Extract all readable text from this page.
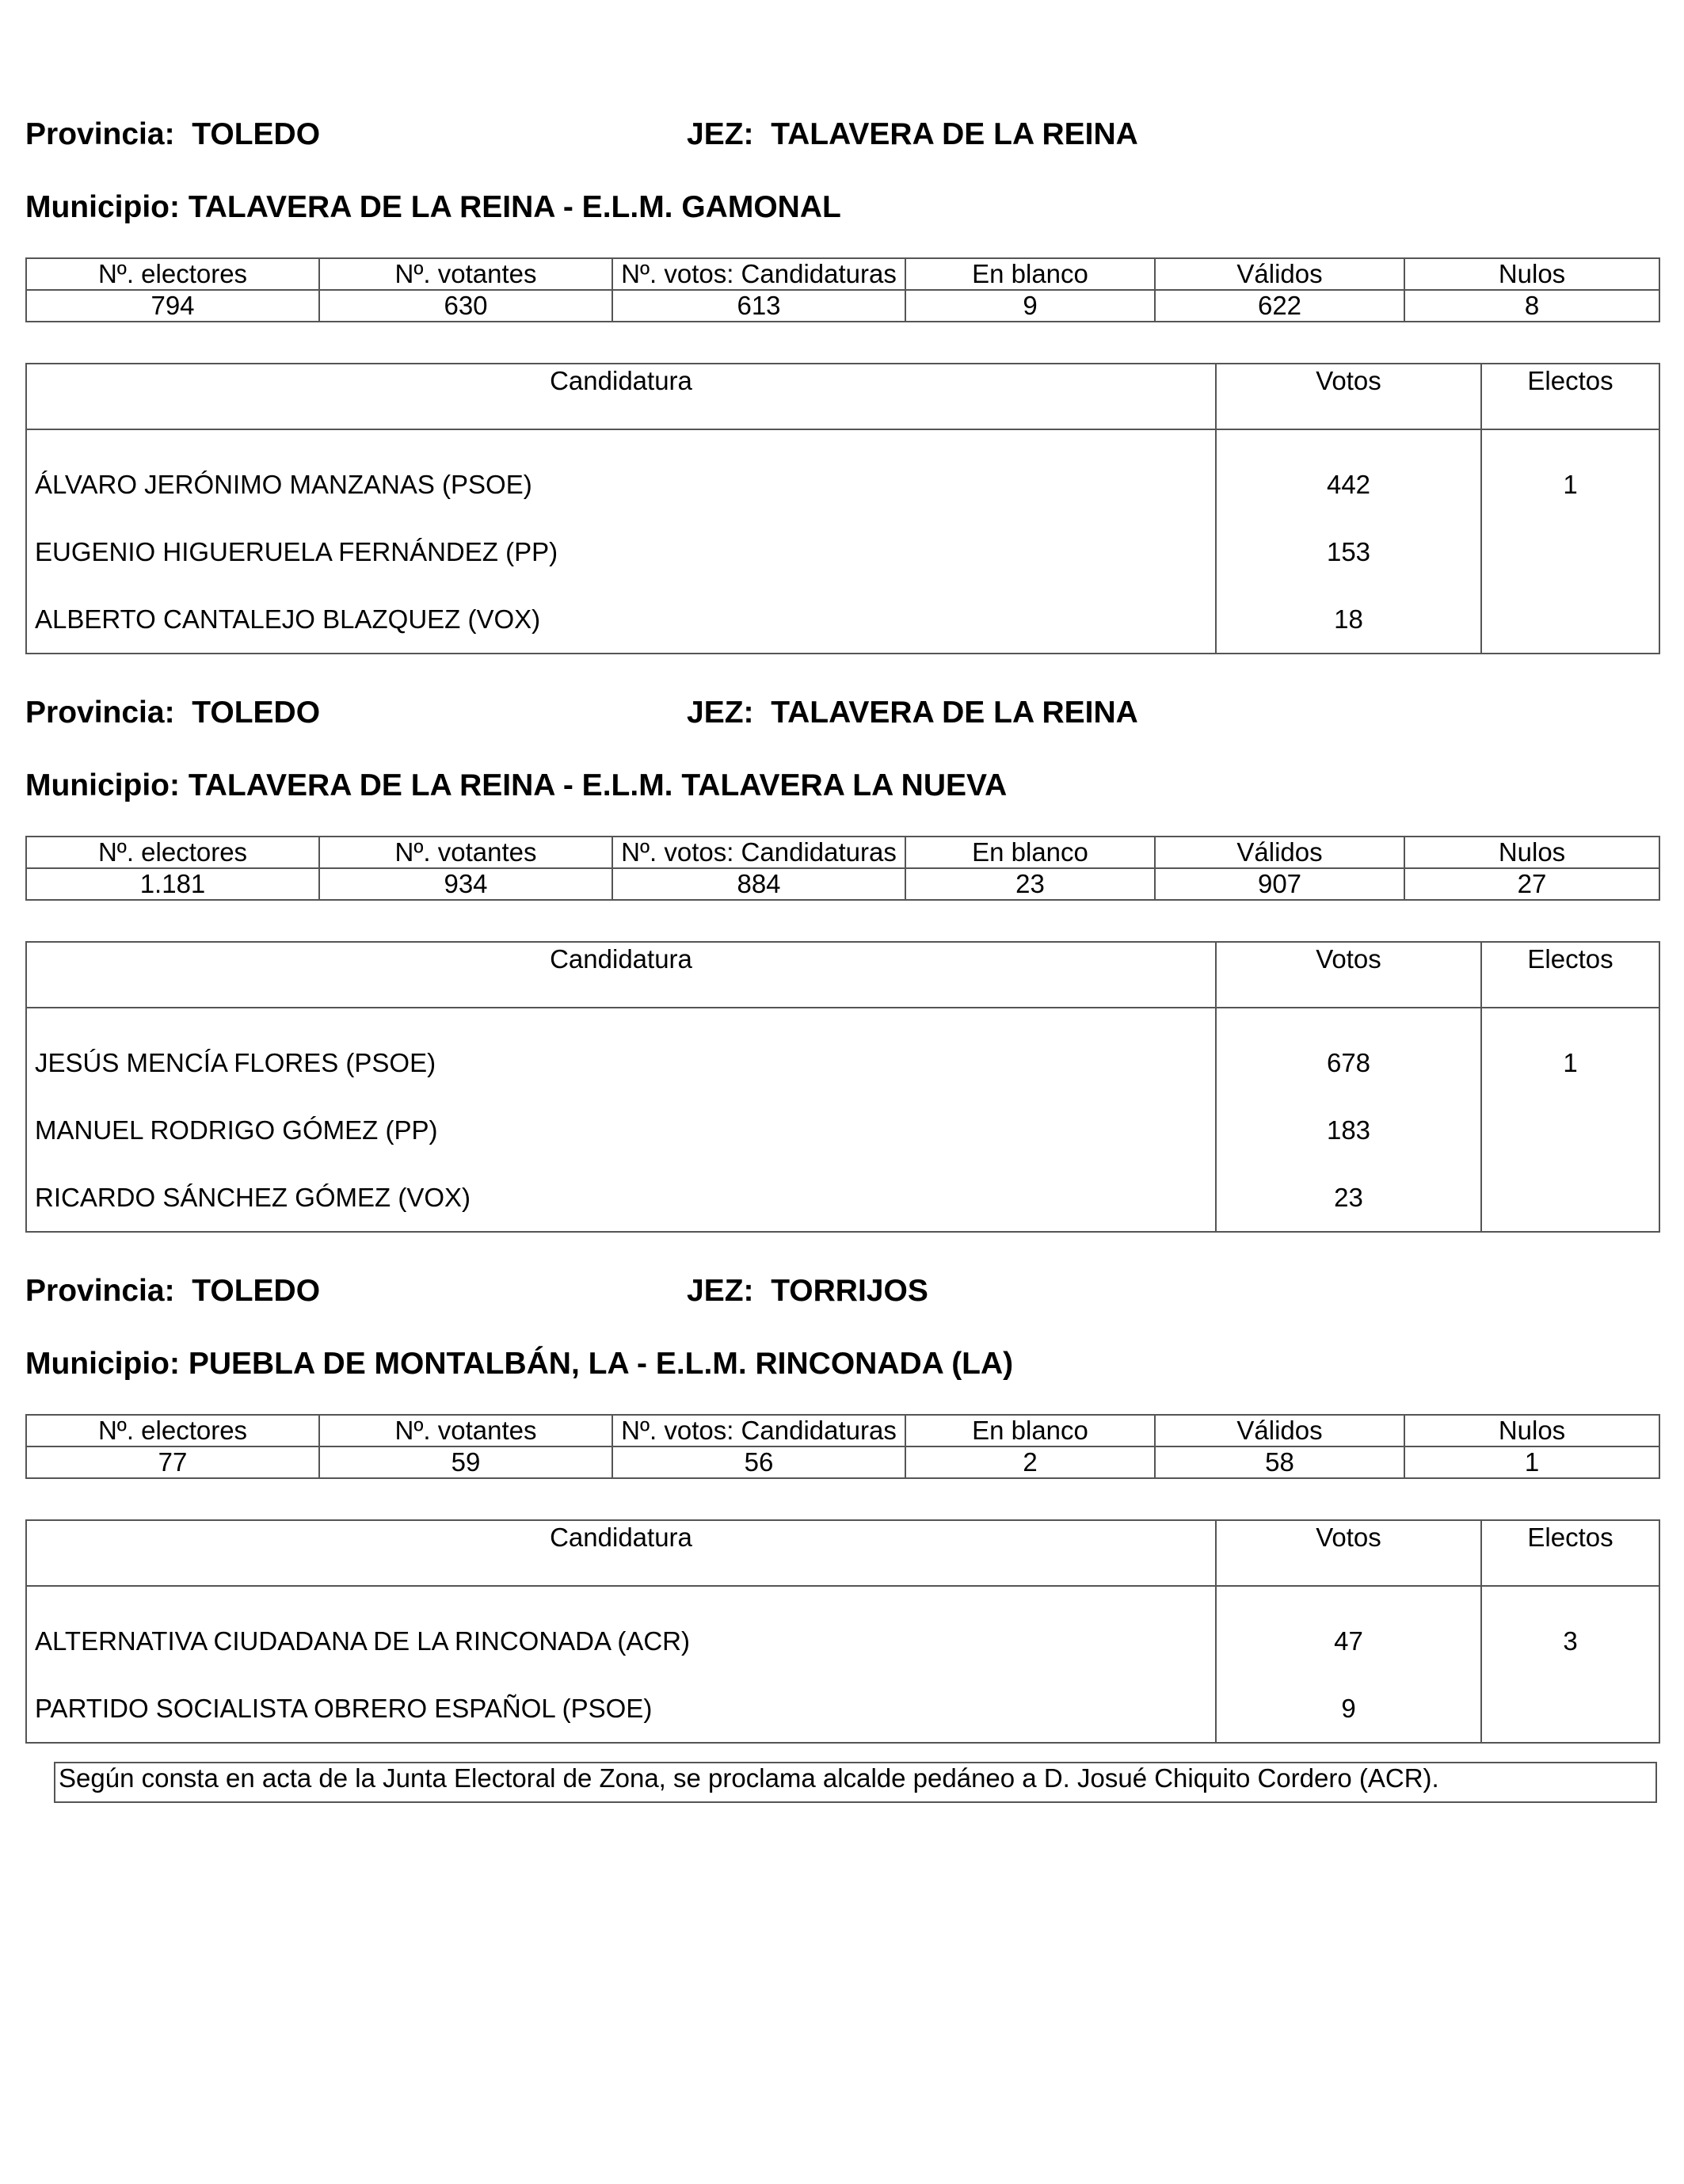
Provincia: TOLEDO	JEZ: TALAVERA DE LA REINA
Municipio: TALAVERA DE LA REINA - E.L.M. GAMONAL
Nº. electores	Nº. votantes	Nº. votos: Candidaturas	En blanco	Válidos	Nulos
794	630	613	9	622	8
Candidatura	Votos	Electos
ÁLVARO JERÓNIMO MANZANAS (PSOE)	442	1
EUGENIO HIGUERUELA FERNÁNDEZ (PP)	153	
ALBERTO CANTALEJO BLAZQUEZ (VOX)	18	
Provincia: TOLEDO	JEZ: TALAVERA DE LA REINA
Municipio: TALAVERA DE LA REINA - E.L.M. TALAVERA LA NUEVA
Nº. electores	Nº. votantes	Nº. votos: Candidaturas	En blanco	Válidos	Nulos
1.181	934	884	23	907	27
Candidatura	Votos	Electos
JESÚS MENCÍA FLORES (PSOE)	678	1
MANUEL RODRIGO GÓMEZ (PP)	183	
RICARDO SÁNCHEZ GÓMEZ (VOX)	23	
Provincia: TOLEDO	JEZ: TORRIJOS
Municipio: PUEBLA DE MONTALBÁN, LA - E.L.M. RINCONADA (LA)
Nº. electores	Nº. votantes	Nº. votos: Candidaturas	En blanco	Válidos	Nulos
77	59	56	2	58	1
Candidatura	Votos	Electos
ALTERNATIVA CIUDADANA DE LA RINCONADA (ACR)	47	3
PARTIDO SOCIALISTA OBRERO ESPAÑOL (PSOE)	9	
Según consta en acta de la Junta Electoral de Zona, se proclama alcalde pedáneo a D. Josué Chiquito Cordero (ACR).
